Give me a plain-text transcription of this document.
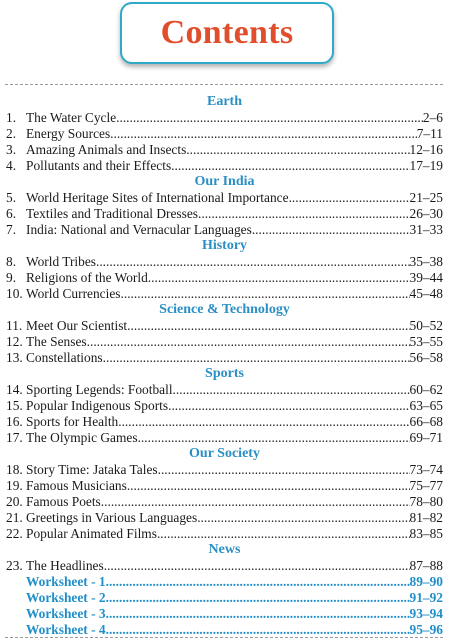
Contents
Earth
1. The Water Cycle .....	2–6
2. Energy Sources .....	7–11
3. Amazing Animals and Insects .....	12–16
4. Pollutants and their Effects .....	17–19
Our India
5. World Heritage Sites of International Importance .....	21–25
6. Textiles and Traditional Dresses .....	26–30
7. India: National and Vernacular Languages .....	31–33
History
8. World Tribes .....	35–38
9. Religions of the World .....	39–44
10. World Currencies .....	45–48
Science & Technology
11. Meet Our Scientist .....	50–52
12. The Senses .....	53–55
13. Constellations .....	56–58
Sports
14. Sporting Legends: Football .....	60–62
15. Popular Indigenous Sports .....	63–65
16. Sports for Health .....	66–68
17. The Olympic Games .....	69–71
Our Society
18. Story Time: Jataka Tales .....	73–74
19. Famous Musicians .....	75–77
20. Famous Poets .....	78–80
21. Greetings in Various Languages .....	81–82
22. Popular Animated Films .....	83–85
News
23. The Headlines .....	87–88
Worksheet - 1 .....	89–90
Worksheet - 2 .....	91–92
Worksheet - 3 .....	93–94
Worksheet - 4 .....	95–96
